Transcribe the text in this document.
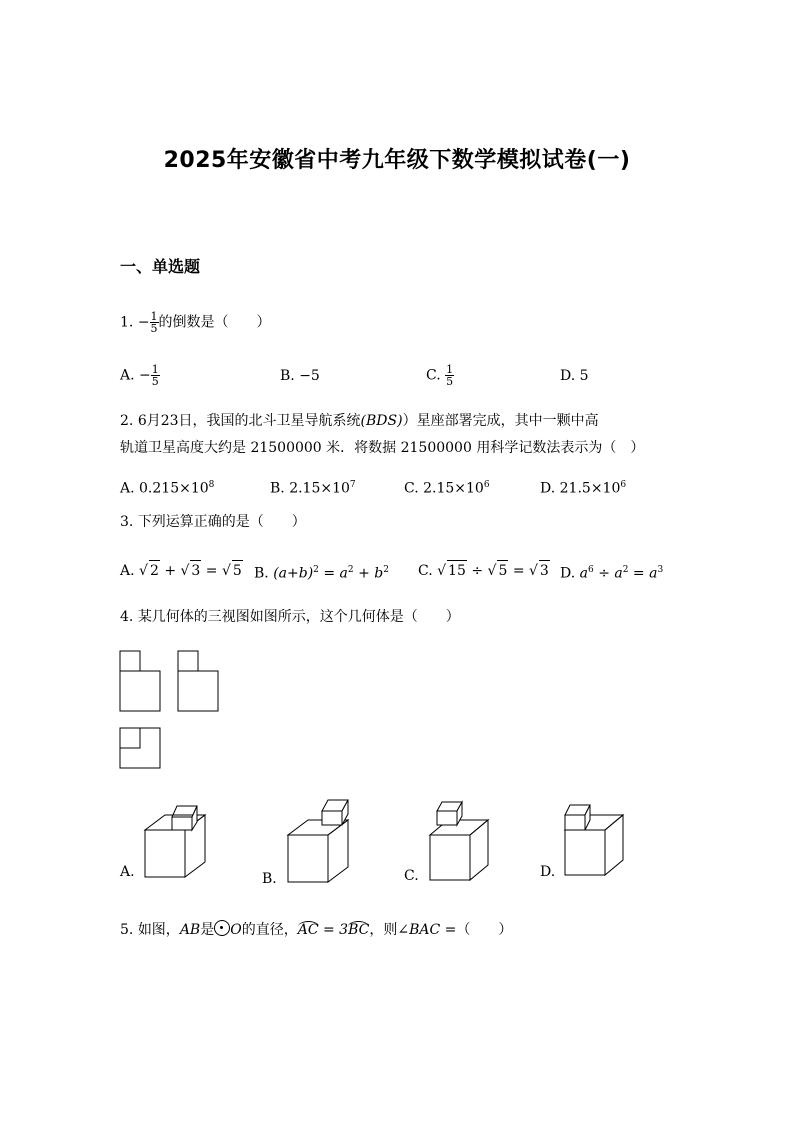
2025年安徽省中考九年级下数学模拟试卷(一)
一、单选题
1. − $\frac{1}{5}$ 的倒数是（　　）
A. − $\frac{1}{5}$	B. −5	C. $\frac{1}{5}$	D. 5
2. 6月23日，我国的北斗卫星导航系统(BDS)）星座部署完成，其中一颗中高
轨道卫星高度大约是 21500000 米．将数据 21500000 用科学记数法表示为（　）
A. $0.215\times 10^8$	B. $2.15\times 10^7$	C. $2.15\times 10^6$	D. $21.5\times 10^6$
3. 下列运算正确的是（　　）
A. √ 2 + √ 3 = √ 5 B. $(a+b)^2 = a^2 + b^2$ C. √ 15 ÷ √ 5 = √ 3 D. $a^6 \div a^2 = a^3$
4. 某几何体的三视图如图所示，这个几何体是（　　）
A.	B.	C.	D.
5. 如图，AB是 O的直径，AC = 3BC，则∠BAC =（　　）
